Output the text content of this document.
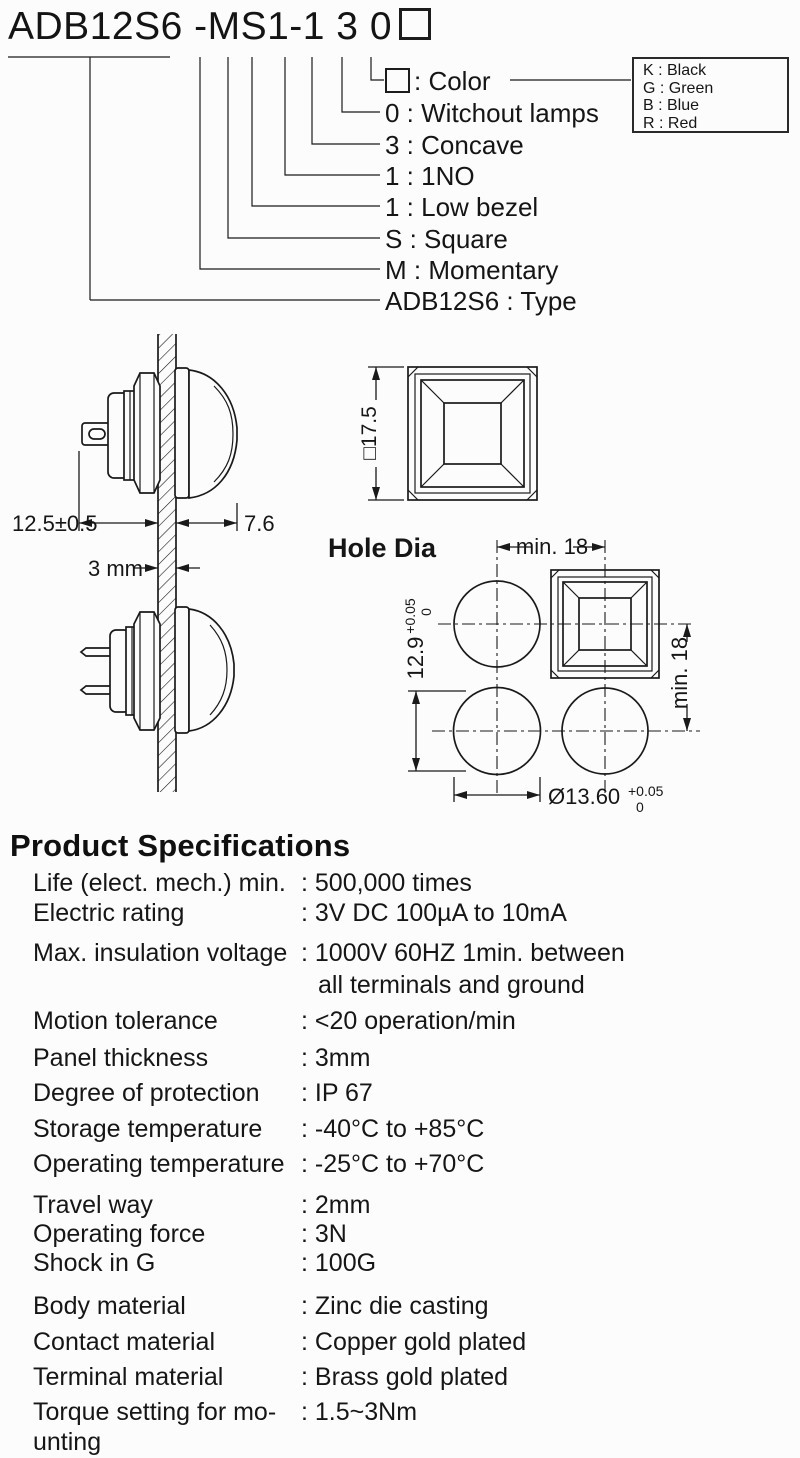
ADB12S6 -MS1-1 3 0
: Color
0 : Witchout lamps
3 : Concave
1 : 1NO
1 : Low bezel
S : Square
M : Momentary
ADB12S6 : Type
K : Black
G : Green
B : Blue
R : Red
12.5±0.5	7.6
3 mm
□17.5
Hole Dia	min. 18
min. 18
12.9
+0.05 0
Ø13.60 +0.05
0
Product Specifications
Life (elect. mech.) min. : 500,000 times
Electric rating	: 3V DC 100µA to 10mA
Max. insulation voltage : 1000V 60HZ 1min. between
all terminals and ground
Motion tolerance	: <20 operation/min
Panel thickness	: 3mm
Degree of protection : IP 67
Storage temperature : -40°C to +85°C
Operating temperature : -25°C to +70°C
Travel way	: 2mm
Operating force	: 3N
Shock in G	: 100G
Body material	: Zinc die casting
Contact material	: Copper gold plated
Terminal material	: Brass gold plated
Torque setting for mo-
unting
: 1.5~3Nm
